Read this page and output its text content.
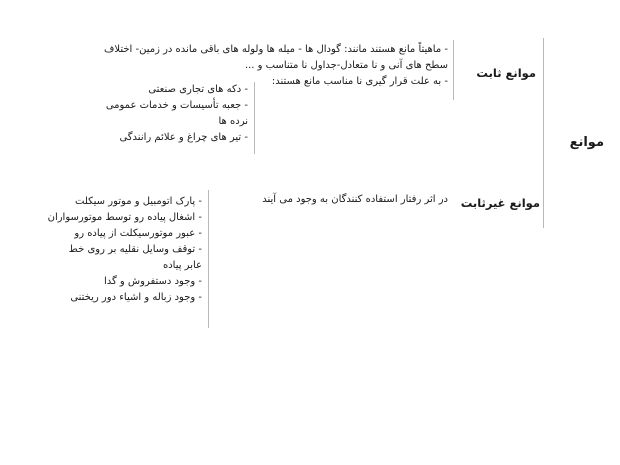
موانع
موانع ثابت
- ماهیتاً مانع هستند مانند: گودال ها - میله ها ولوله های باقی مانده در زمین- اختلاف
سطح های آنی و نا متعادل-جداول نا متناسب و ...
- به علت قرار گیری نا مناسب مانع هستند:
- دکه های تجاری صنعتی
- جعبه تأسیسات و خدمات عمومی
نرده ها
- تیر های چراغ و علائم رانندگی
موانع غیرثابت
در اثر رفتار استفاده کنندگان به وجود می آیند
- پارک اتومبیل و موتور سیکلت
- اشغال پیاده رو توسط موتورسواران
- عبور موتورسیکلت از پیاده رو
- توقف وسایل نقلیه بر روی خط عابر پیاده
- وجود دستفروش و گدا
- وجود زباله و اشیاء دور ریختنی
